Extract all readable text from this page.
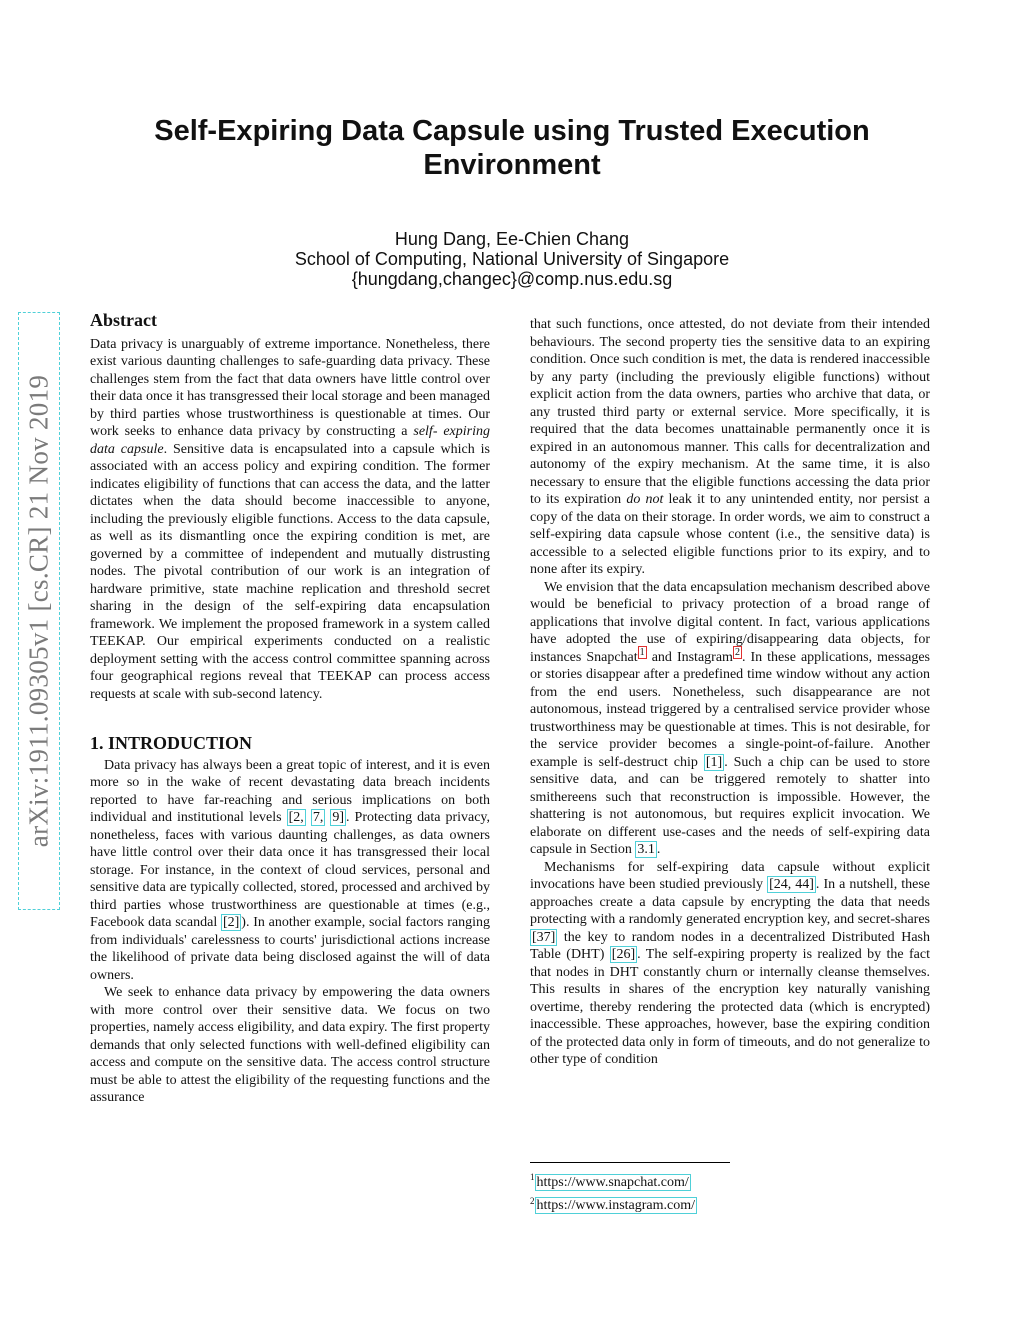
Self-Expiring Data Capsule using Trusted Execution
Environment
Hung Dang, Ee-Chien Chang
School of Computing, National University of Singapore
{hungdang,changec}@comp.nus.edu.sg
arXiv:1911.09305v1 [cs.CR] 21 Nov 2019
Abstract

Data privacy is unarguably of extreme importance. Nonetheless, there exist various daunting challenges to safe-guarding data privacy. These challenges stem from the fact that data owners have little control over their data once it has transgressed their local storage and been managed by third parties whose trustworthiness is questionable at times. Our work seeks to enhance data privacy by constructing a self- expiring data capsule. Sensitive data is encapsulated into a capsule which is associated with an access policy and expiring condition. The former indicates eligibility of functions that can access the data, and the latter dictates when the data should become inaccessible to anyone, including the previously eligible functions. Access to the data capsule, as well as its dismantling once the expiring condition is met, are governed by a committee of independent and mutually distrusting nodes. The pivotal contribution of our work is an integration of hardware primitive, state machine replication and threshold secret sharing in the design of the self-expiring data encapsulation framework. We implement the proposed framework in a system called TEEKAP. Our empirical experiments conducted on a realistic deployment setting with the access control committee spanning across four geographical regions reveal that TEEKAP can process access requests at scale with sub-second latency.

1. INTRODUCTION

Data privacy has always been a great topic of interest, and it is even more so in the wake of recent devastating data breach incidents reported to have far-reaching and serious implications on both individual and institutional levels [2, 7, 9] . Protecting data privacy, nonetheless, faces with various daunting challenges, as data owners have little control over their data once it has transgressed their local storage. For instance, in the context of cloud services, personal and sensitive data are typically collected, stored, processed and archived by third parties whose trustworthiness are questionable at times (e.g., Facebook data scandal [2] ). In another example, social factors ranging from individuals' carelessness to courts' jurisdictional actions increase the likelihood of private data being disclosed against the will of data owners.

We seek to enhance data privacy by empowering the data owners with more control over their sensitive data. We focus on two properties, namely access eligibility, and data expiry. The first property demands that only selected functions with well-defined eligibility can access and compute on the sensitive data. The access control structure must be able to attest the eligibility of the requesting functions and the assurance

that such functions, once attested, do not deviate from their intended behaviours. The second property ties the sensitive data to an expiring condition. Once such condition is met, the data is rendered inaccessible by any party (including the previously eligible functions) without explicit action from the data owners, parties who archive that data, or any trusted third party or external service. More specifically, it is required that the data becomes unattainable permanently once it is expired in an autonomous manner. This calls for decentralization and autonomy of the expiry mechanism. At the same time, it is also necessary to ensure that the eligible functions accessing the data prior to its expiration do not leak it to any unintended entity, nor persist a copy of the data on their storage. In order words, we aim to construct a self-expiring data capsule whose content (i.e., the sensitive data) is accessible to a selected eligible functions prior to its expiry, and to none after its expiry.

We envision that the data encapsulation mechanism described above would be beneficial to privacy protection of a broad range of applications that involve digital content. In fact, various applications have adopted the use of expiring/disappearing data objects, for instances Snapchat $^1$ and Instagram $^2$ . In these applications, messages or stories disappear after a predefined time window without any action from the end users. Nonetheless, such disappearance are not autonomous, instead triggered by a centralised service provider whose trustworthiness may be questionable at times. This is not desirable, for the service provider becomes a single-point-of-failure. Another example is self-destruct chip [1] . Such a chip can be used to store sensitive data, and can be triggered remotely to shatter into smithereens such that reconstruction is impossible. However, the shattering is not autonomous, but requires explicit invocation. We elaborate on different use-cases and the needs of self-expiring data capsule in Section 3.1 .

Mechanisms for self-expiring data capsule without explicit invocations have been studied previously [24, 44] . In a nutshell, these approaches create a data capsule by encrypting the data that needs protecting with a randomly generated encryption key, and secret-shares [37] the key to random nodes in a decentralized Distributed Hash Table (DHT) [26] . The self-expiring property is realized by the fact that nodes in DHT constantly churn or internally cleanse themselves. This results in shares of the encryption key naturally vanishing overtime, thereby rendering the protected data (which is encrypted) inaccessible. These approaches, however, base the expiring condition of the protected data only in form of timeouts, and do not generalize to other type of condition

$^1$ https://www.snapchat.com/
$^2$ https://www.instagram.com/
